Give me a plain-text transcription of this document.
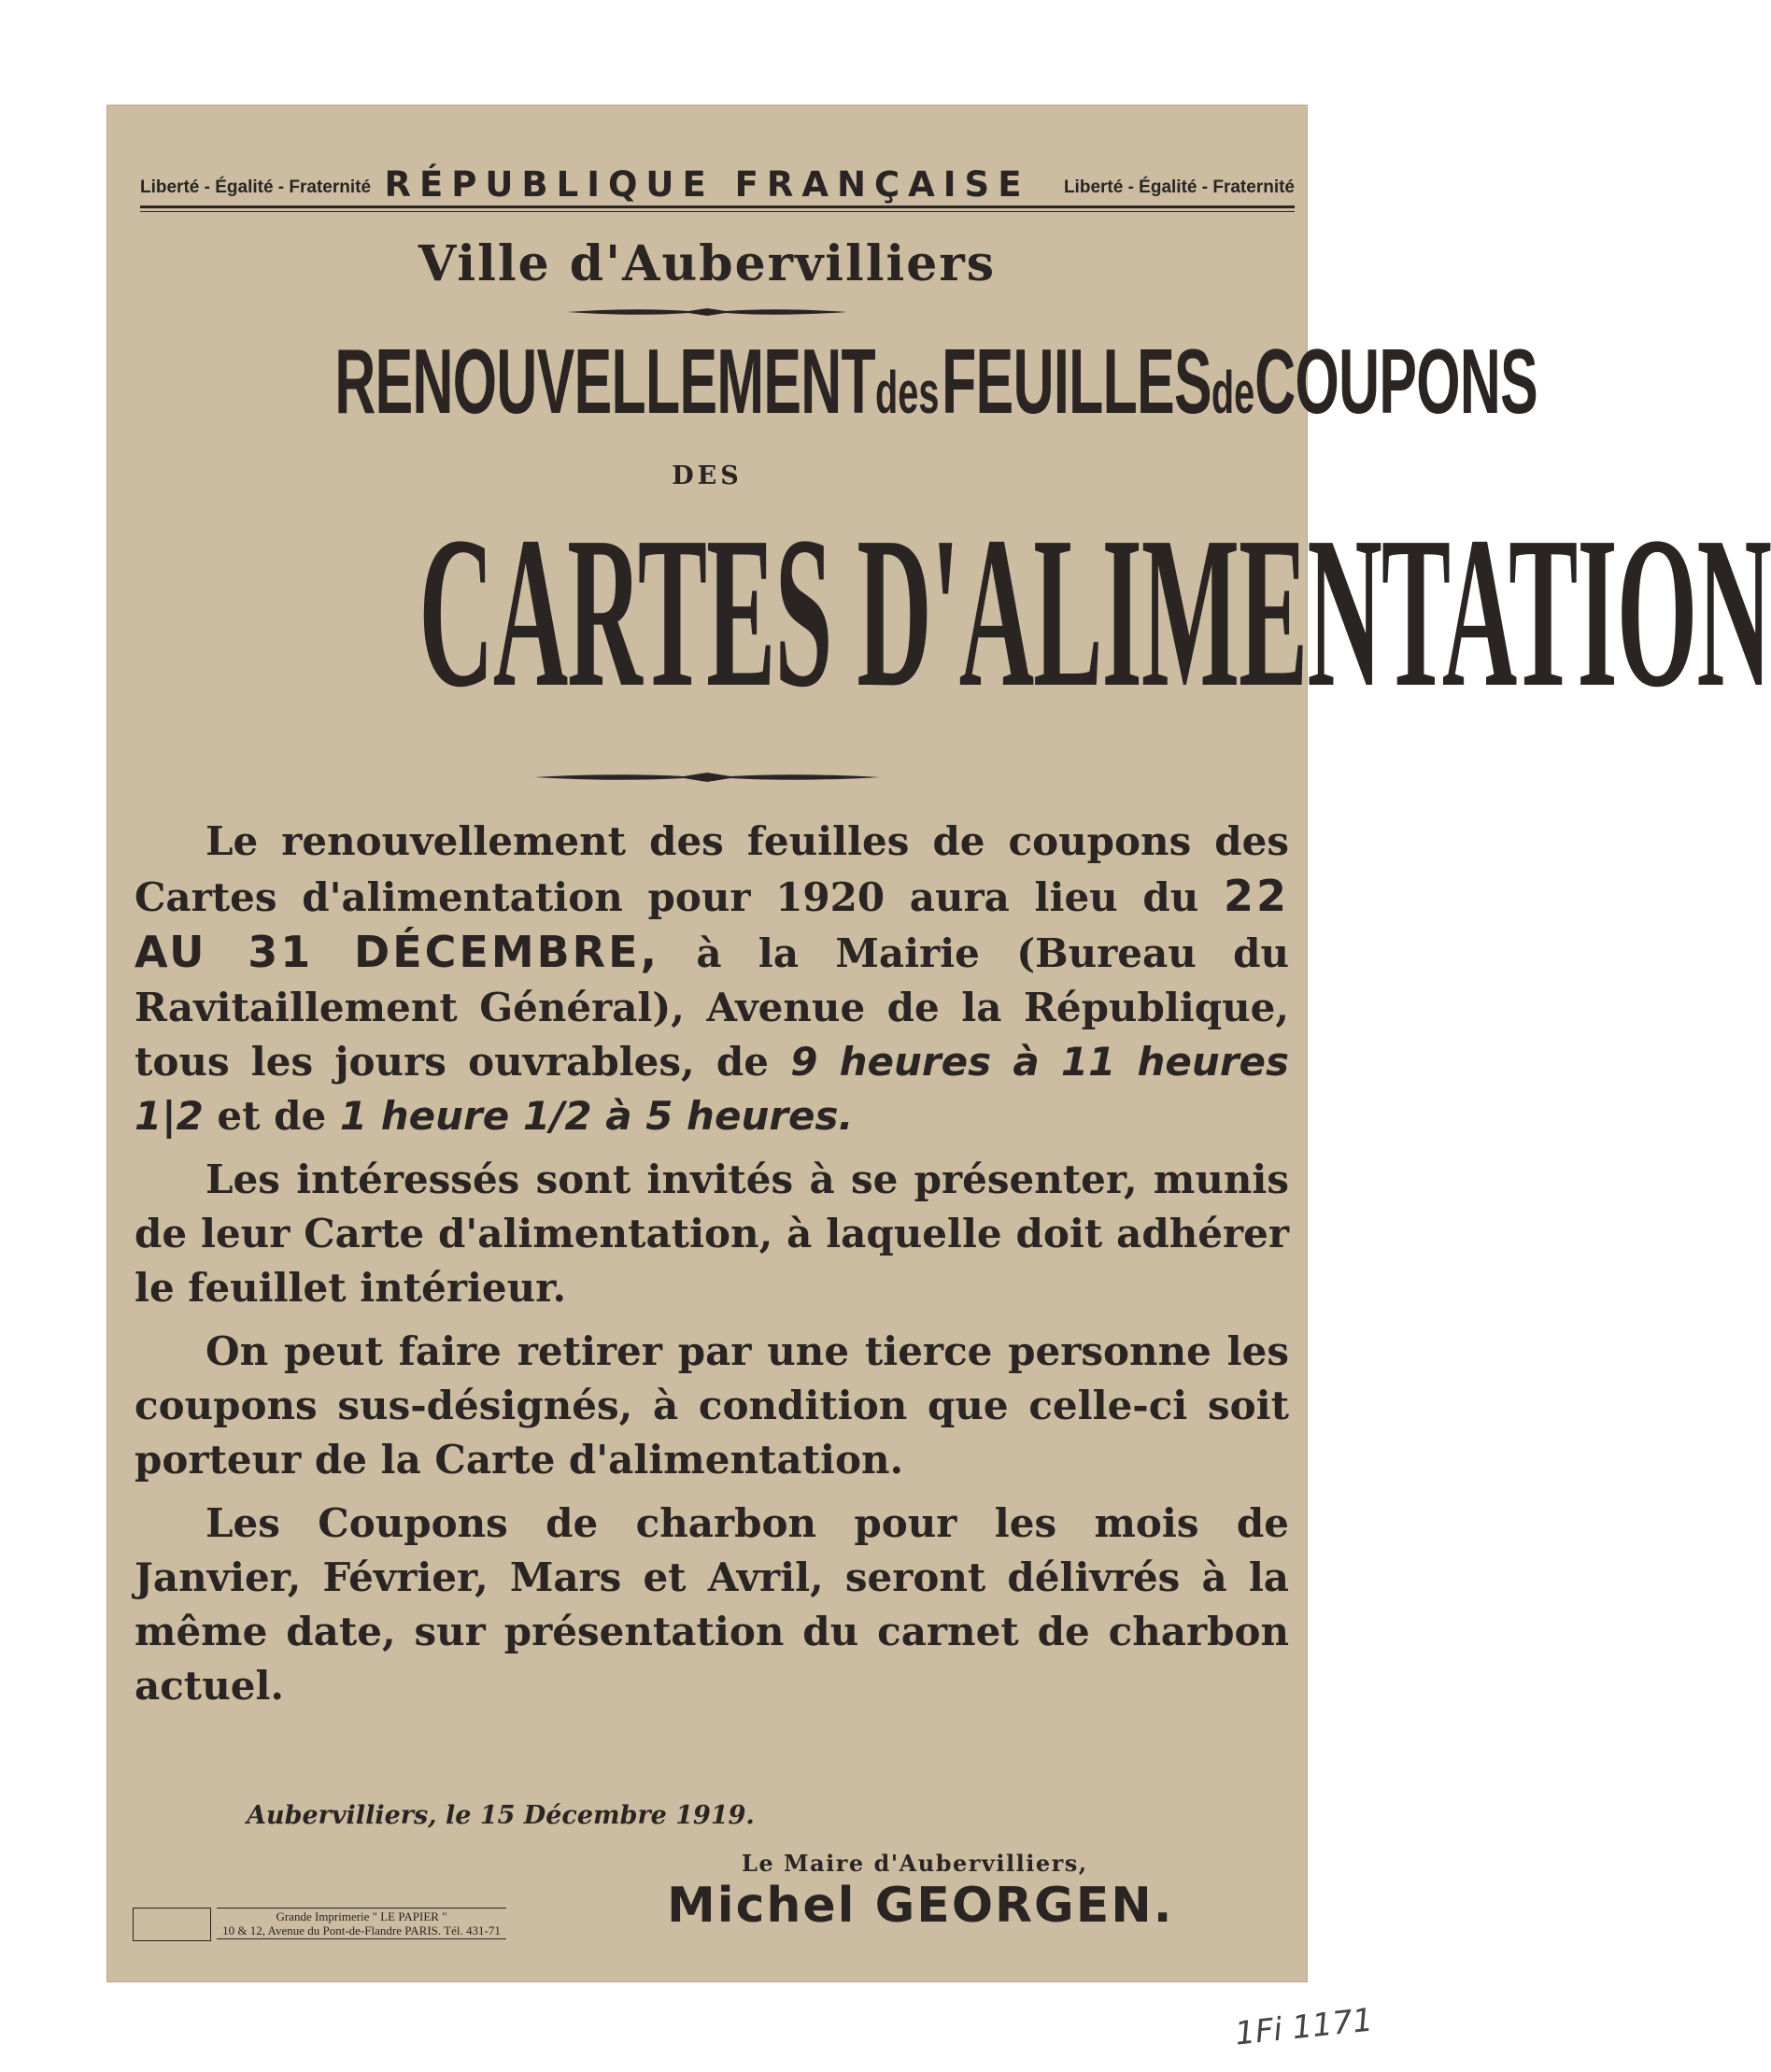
Liberté - Égalité - Fraternité RÉPUBLIQUE FRANÇAISE	Liberté - Égalité - Fraternité
Ville d'Aubervilliers
RENOUVELLEMENTdes FEUILLESdeCOUPONS
DES
CARTES D'ALIMENTATION

Le renouvellement des feuilles de coupons des Cartes d'alimentation pour 1920 aura lieu du 22 AU 31 DÉCEMBRE, à la Mairie (Bureau du Ravitaillement Général), Avenue de la République, tous les jours ouvrables, de 9 heures à 11 heures 1|2 et de 1 heure 1/2 à 5 heures.

Les intéressés sont invités à se présenter, munis de leur Carte d'alimentation, à laquelle doit adhérer le feuillet intérieur.

On peut faire retirer par une tierce personne les coupons sus-désignés, à condition que celle-ci soit porteur de la Carte d'alimentation.

Les Coupons de charbon pour les mois de Janvier, Février, Mars et Avril, seront délivrés à la même date, sur présentation du carnet de charbon actuel.

Aubervilliers, le 15 Décembre 1919.
Le Maire d'Aubervilliers,
Michel GEORGEN.
Grande Imprimerie " LE PAPIER "
10 & 12, Avenue du Pont-de-Flandre PARIS. Tél. 431-71
1Fi 1171
